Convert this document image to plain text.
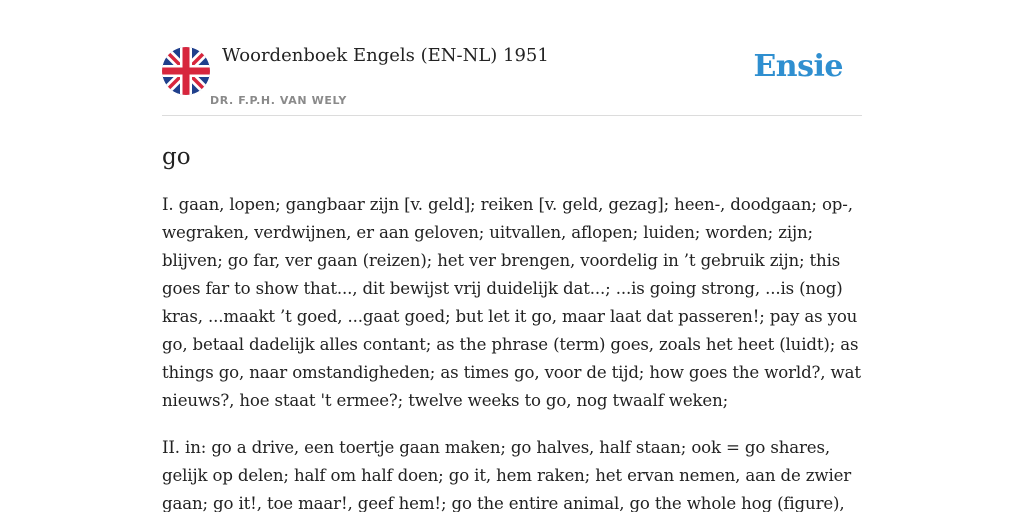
Woordenboek Engels (EN-NL) 1951
DR. F.P.H. VAN WELY
Ensie
go

I. gaan, lopen; gangbaar zijn [v. geld]; reiken [v. geld, gezag]; heen-, doodgaan; op-, wegraken, verdwijnen, er aan geloven; uitvallen, aflopen; luiden; worden; zijn; blijven; go far, ver gaan (reizen); het ver brengen, voordelig in ’t gebruik zijn; this goes far to show that..., dit bewijst vrij duidelijk dat...; ...is going strong, ...is (nog) kras, ...maakt ’t goed, ...gaat goed; but let it go, maar laat dat passeren!; pay as you go, betaal dadelijk alles contant; as the phrase (term) goes, zoals het heet (luidt); as things go, naar omstandigheden; as times go, voor de tijd; how goes the world?, wat nieuws?, hoe staat 't ermee?; twelve weeks to go, nog twaalf weken;

II. in: go a drive, een toertje gaan maken; go halves, half staan; ook = go shares, gelijk op delen; half om half doen; go it, hem raken; het ervan nemen, aan de zwier gaan; go it!, toe maar!, geef hem!; go the entire animal, go the whole hog (figure),
